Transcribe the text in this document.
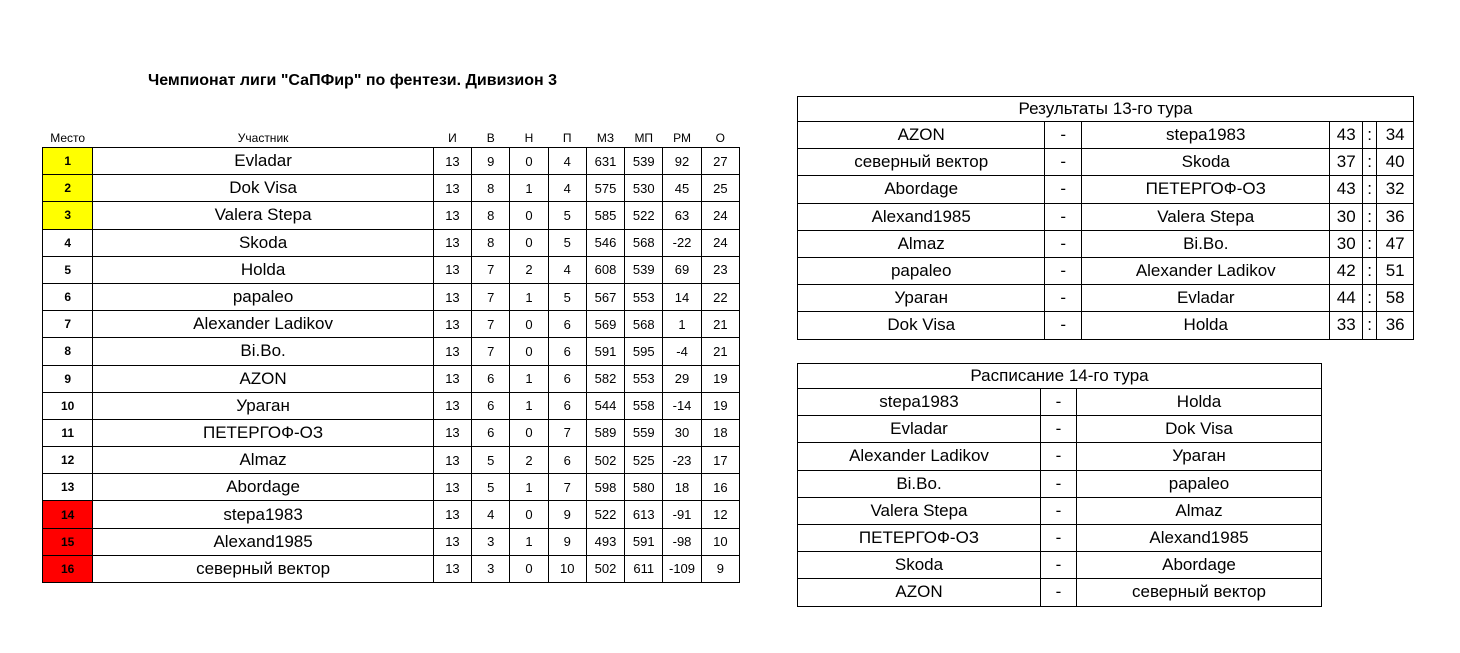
Чемпионат лиги "СаПФир" по фентези. Дивизион 3
Место	Участник	И	В	Н	П	МЗ	МП	РМ	О
1	Evladar	13	9	0	4	631	539	92	27
2	Dok Visa	13	8	1	4	575	530	45	25
3	Valera Stepa	13	8	0	5	585	522	63	24
4	Skoda	13	8	0	5	546	568	-22	24
5	Holda	13	7	2	4	608	539	69	23
6	papaleo	13	7	1	5	567	553	14	22
7	Alexander Ladikov	13	7	0	6	569	568	1	21
8	Bi.Bo.	13	7	0	6	591	595	-4	21
9	AZON	13	6	1	6	582	553	29	19
10	Ураган	13	6	1	6	544	558	-14	19
11	ПЕТЕРГОФ-ОЗ	13	6	0	7	589	559	30	18
12	Almaz	13	5	2	6	502	525	-23	17
13	Abordage	13	5	1	7	598	580	18	16
14	stepa1983	13	4	0	9	522	613	-91	12
15	Alexand1985	13	3	1	9	493	591	-98	10
16	северный вектор	13	3	0	10	502	611	-109	9
Результаты 13-го тура					
AZON	-	stepa1983	43	:	34
северный вектор	-	Skoda	37	:	40
Abordage	-	ПЕТЕРГОФ-ОЗ	43	:	32
Alexand1985	-	Valera Stepa	30	:	36
Almaz	-	Bi.Bo.	30	:	47
papaleo	-	Alexander Ladikov	42	:	51
Ураган	-	Evladar	44	:	58
Dok Visa	-	Holda	33	:	36
Расписание 14-го тура		
stepa1983	-	Holda
Evladar	-	Dok Visa
Alexander Ladikov	-	Ураган
Bi.Bo.	-	papaleo
Valera Stepa	-	Almaz
ПЕТЕРГОФ-ОЗ	-	Alexand1985
Skoda	-	Abordage
AZON	-	северный вектор
